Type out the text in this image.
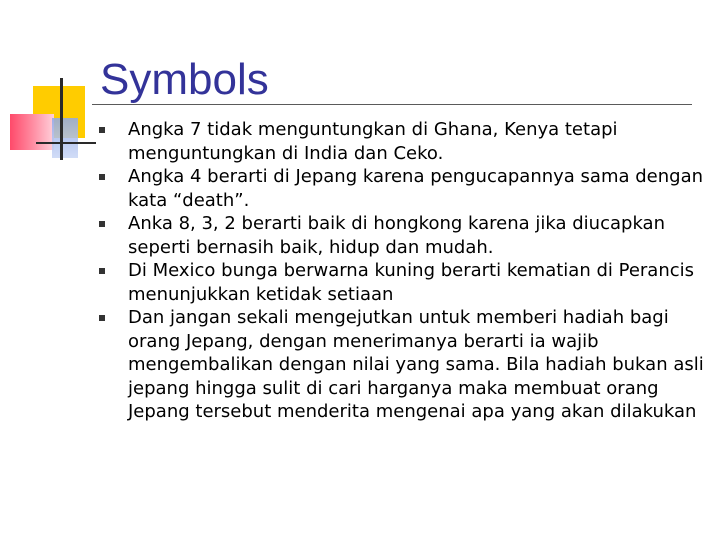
Symbols
Angka 7 tidak menguntungkan di Ghana, Kenya tetapi menguntungkan di India dan Ceko.
Angka 4 berarti di Jepang karena pengucapannya sama dengan kata “death”.
Anka 8, 3, 2 berarti baik di hongkong karena jika diucapkan seperti bernasih baik, hidup dan mudah.
Di Mexico bunga berwarna kuning berarti kematian di Perancis menunjukkan ketidak setiaan
Dan jangan sekali mengejutkan untuk memberi hadiah bagi orang Jepang, dengan menerimanya berarti ia wajib mengembalikan dengan nilai yang sama. Bila hadiah bukan asli jepang hingga sulit di cari harganya maka membuat orang Jepang tersebut menderita mengenai apa yang akan dilakukan
